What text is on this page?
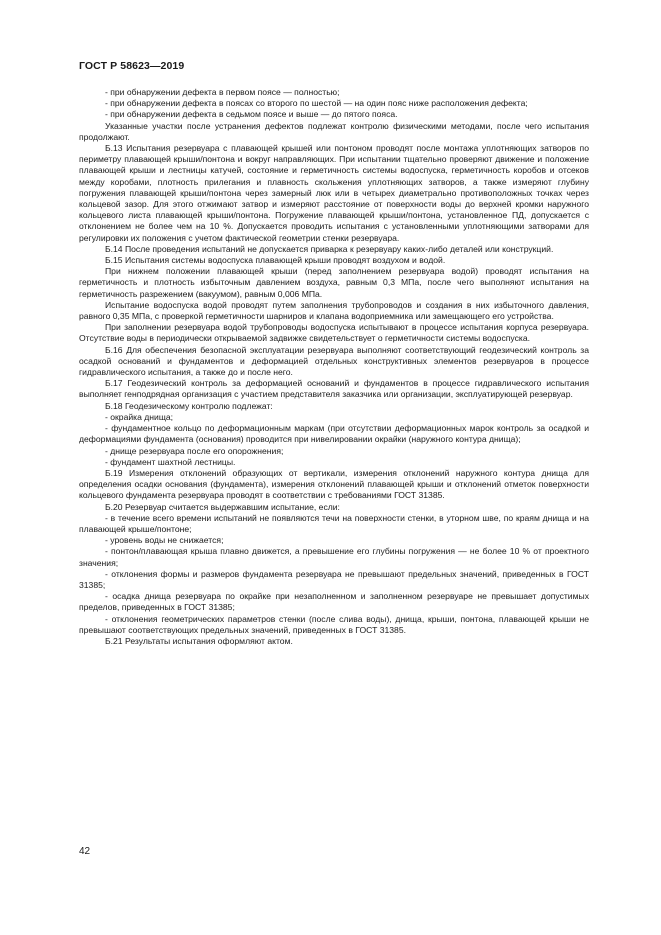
ГОСТ Р 58623—2019

- при обнаружении дефекта в первом поясе — полностью;

- при обнаружении дефекта в поясах со второго по шестой — на один пояс ниже расположения дефекта;

- при обнаружении дефекта в седьмом поясе и выше — до пятого пояса.

Указанные участки после устранения дефектов подлежат контролю физическими методами, после чего испытания продолжают.

Б.13 Испытания резервуара с плавающей крышей или понтоном проводят после монтажа уплотняющих затворов по периметру плавающей крыши/понтона и вокруг направляющих. При испытании тщательно проверяют движение и положение плавающей крыши и лестницы катучей, состояние и герметичность системы водоспуска, герметичность коробов и отсеков между коробами, плотность прилегания и плавность скольжения уплотняющих затворов, а также измеряют глубину погружения плавающей крыши/понтона через замерный люк или в четырех диаметрально противоположных точках через кольцевой зазор. Для этого отжимают затвор и измеряют расстояние от поверхности воды до верхней кромки наружного кольцевого листа плавающей крыши/понтона. Погружение плавающей крыши/понтона, установленное ПД, допускается с отклонением не более чем на 10 %. Допускается проводить испытания с установленными уплотняющими затворами для регулировки их положения с учетом фактической геометрии стенки резервуара.

Б.14 После проведения испытаний не допускается приварка к резервуару каких-либо деталей или конструкций.

Б.15 Испытания системы водоспуска плавающей крыши проводят воздухом и водой.

При нижнем положении плавающей крыши (перед заполнением резервуара водой) проводят испытания на герметичность и плотность избыточным давлением воздуха, равным 0,3 МПа, после чего выполняют испытания на герметичность разрежением (вакуумом), равным 0,006 МПа.

Испытание водоспуска водой проводят путем заполнения трубопроводов и создания в них избыточного давления, равного 0,35 МПа, с проверкой герметичности шарниров и клапана водоприемника или замещающего его устройства.

При заполнении резервуара водой трубопроводы водоспуска испытывают в процессе испытания корпуса резервуара. Отсутствие воды в периодически открываемой задвижке свидетельствует о герметичности системы водоспуска.

Б.16 Для обеспечения безопасной эксплуатации резервуара выполняют соответствующий геодезический контроль за осадкой оснований и фундаментов и деформацией отдельных конструктивных элементов резервуаров в процессе гидравлического испытания, а также до и после него.

Б.17 Геодезический контроль за деформацией оснований и фундаментов в процессе гидравлического испытания выполняет генподрядная организация с участием представителя заказчика или организации, эксплуатирующей резервуар.

Б.18 Геодезическому контролю подлежат:

- окрайка днища;

- фундаментное кольцо по деформационным маркам (при отсутствии деформационных марок контроль за осадкой и деформациями фундамента (основания) проводится при нивелировании окрайки (наружного контура днища);

- днище резервуара после его опорожнения;

- фундамент шахтной лестницы.

Б.19 Измерения отклонений образующих от вертикали, измерения отклонений наружного контура днища для определения осадки основания (фундамента), измерения отклонений плавающей крыши и отклонений отметок поверхности кольцевого фундамента резервуара проводят в соответствии с требованиями ГОСТ 31385.

Б.20 Резервуар считается выдержавшим испытание, если:

- в течение всего времени испытаний не появляются течи на поверхности стенки, в уторном шве, по краям днища и на плавающей крыше/понтоне;

- уровень воды не снижается;

- понтон/плавающая крыша плавно движется, а превышение его глубины погружения — не более 10 % от проектного значения;

- отклонения формы и размеров фундамента резервуара не превышают предельных значений, приведенных в ГОСТ 31385;

- осадка днища резервуара по окрайке при незаполненном и заполненном резервуаре не превышает допустимых пределов, приведенных в ГОСТ 31385;

- отклонения геометрических параметров стенки (после слива воды), днища, крыши, понтона, плавающей крыши не превышают соответствующих предельных значений, приведенных в ГОСТ 31385.

Б.21 Результаты испытания оформляют актом.

42
